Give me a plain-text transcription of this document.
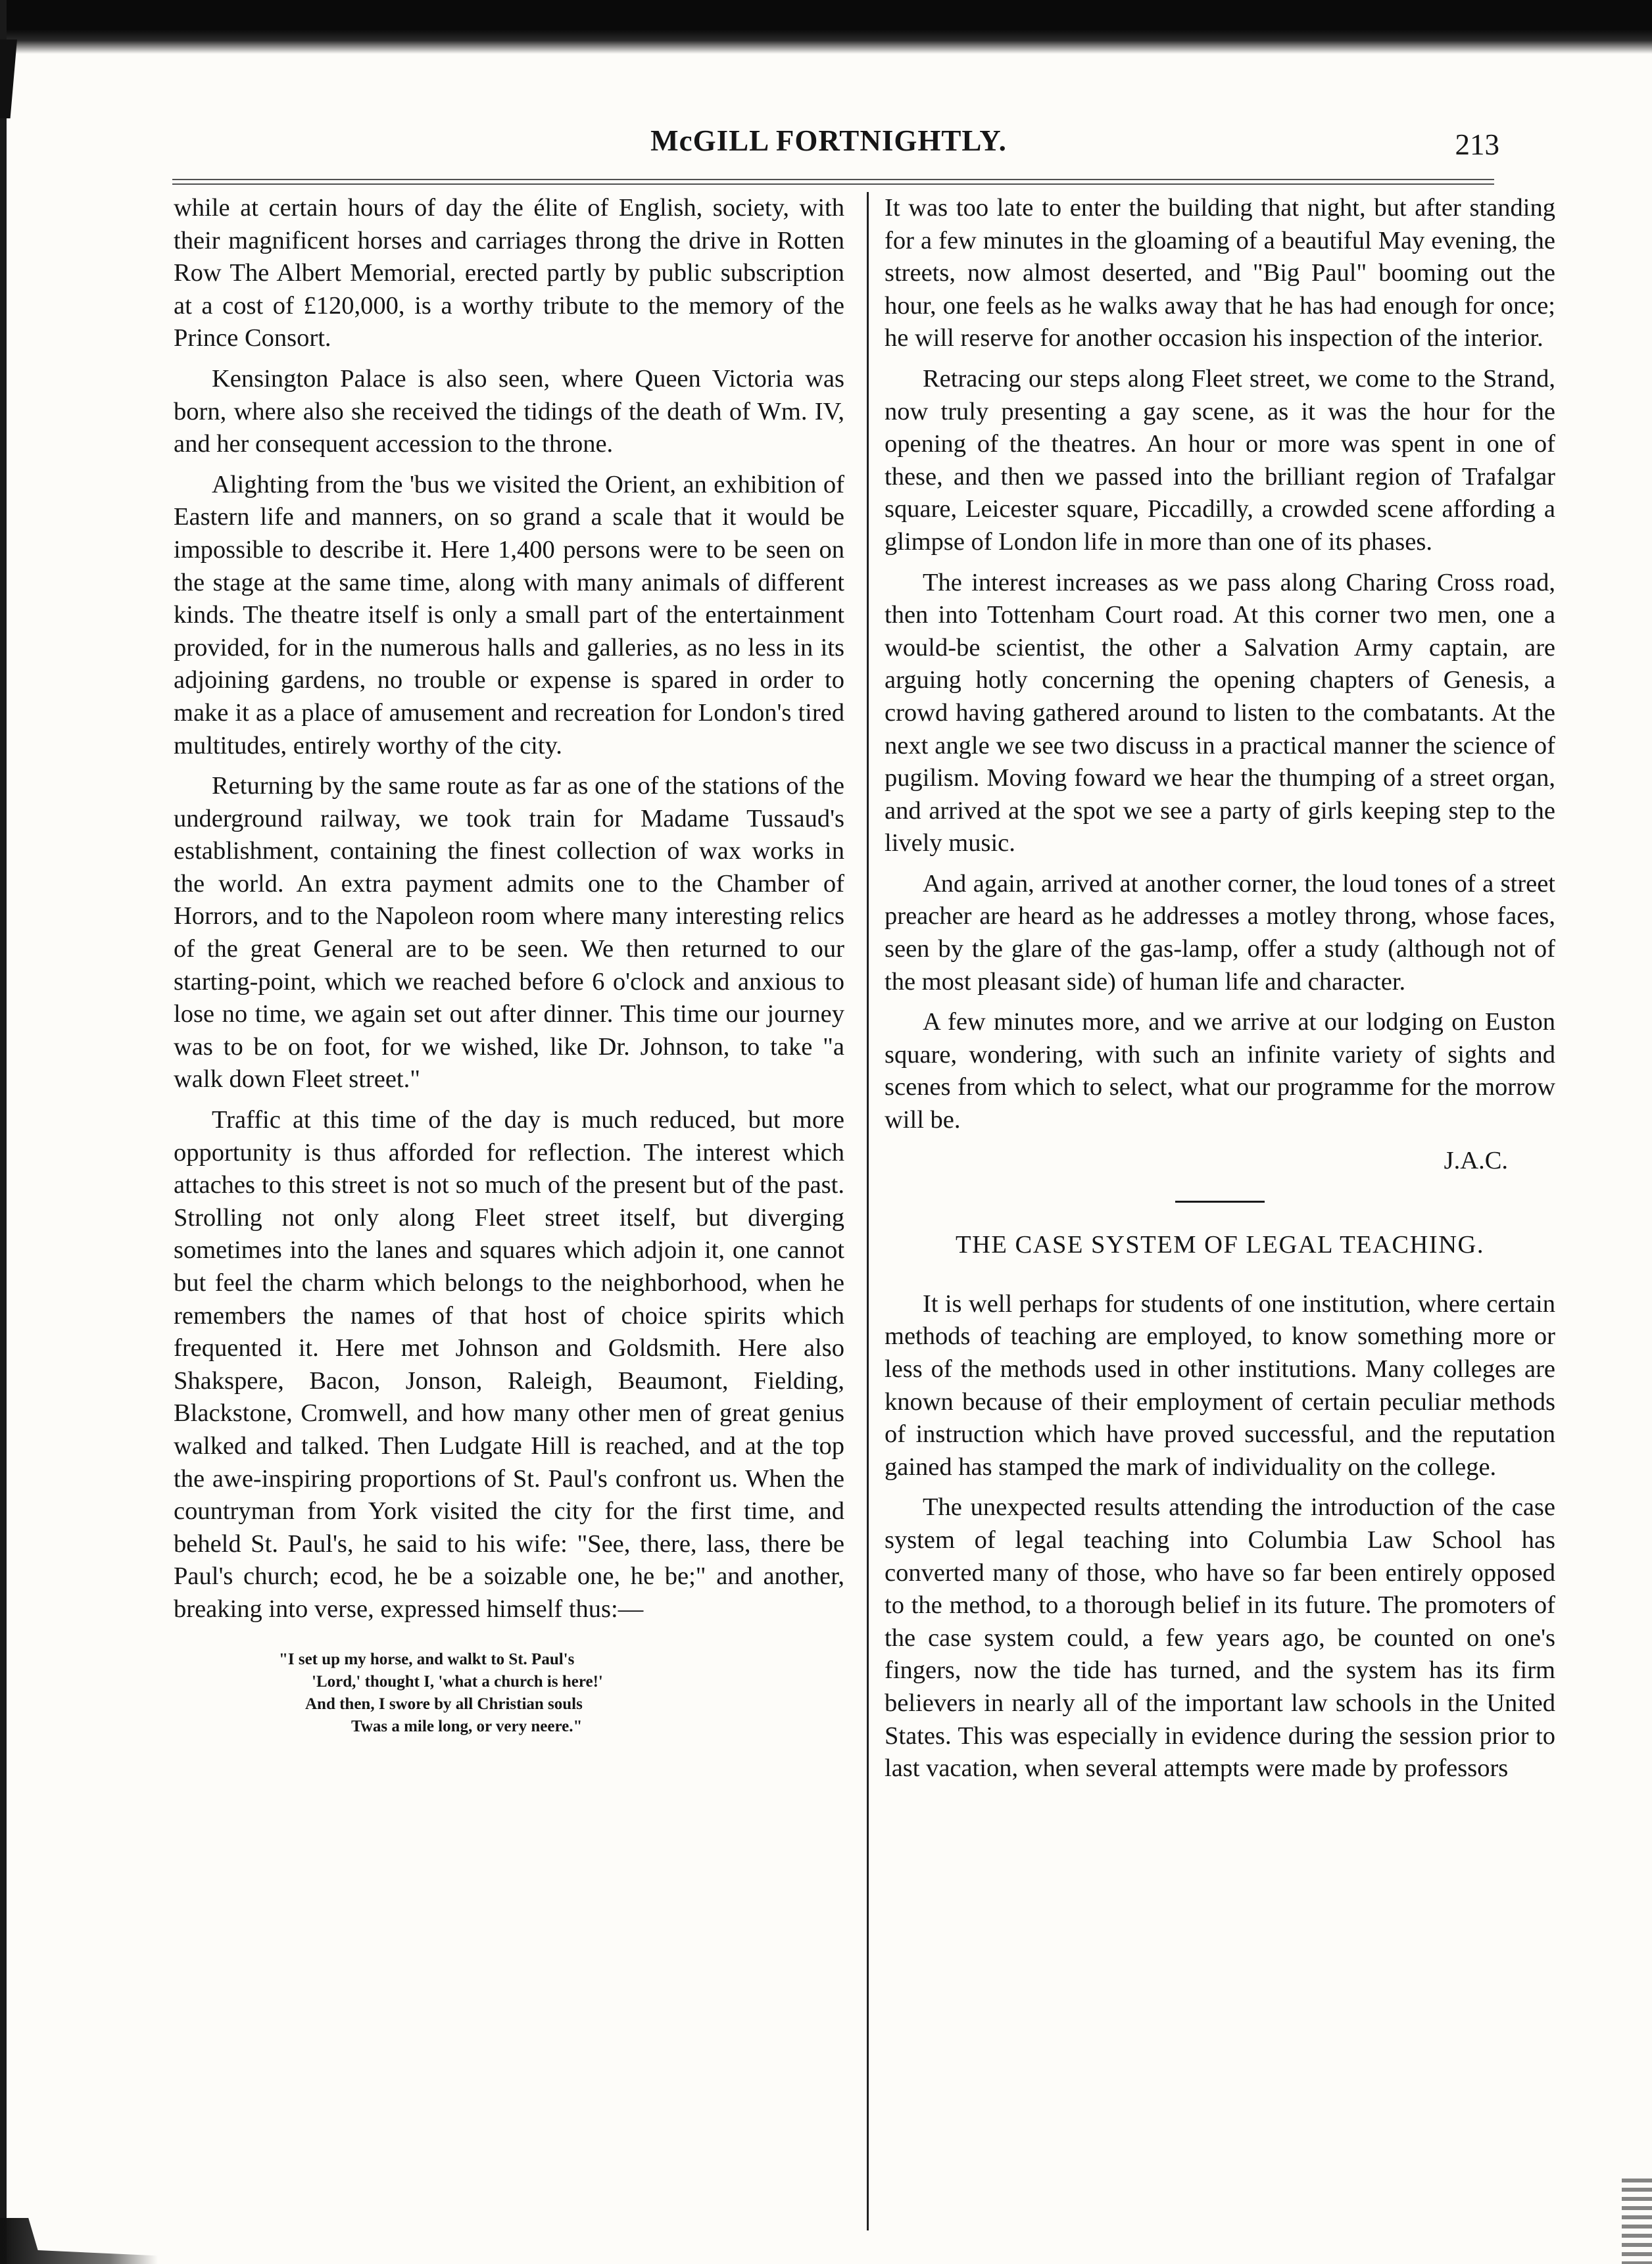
McGILL FORTNIGHTLY.	213

while at certain hours of day the élite of English, society, with their magnificent horses and carriages throng the drive in Rotten Row The Albert Memorial, erected partly by public subscription at a cost of £120,000, is a worthy tribute to the memory of the Prince Consort.

Kensington Palace is also seen, where Queen Victoria was born, where also she received the tidings of the death of Wm. IV, and her consequent accession to the throne.

Alighting from the 'bus we visited the Orient, an exhibition of Eastern life and manners, on so grand a scale that it would be impossible to describe it. Here 1,400 persons were to be seen on the stage at the same time, along with many animals of different kinds. The theatre itself is only a small part of the entertainment provided, for in the numerous halls and galleries, as no less in its adjoining gardens, no trouble or expense is spared in order to make it as a place of amusement and recreation for London's tired multitudes, entirely worthy of the city.

Returning by the same route as far as one of the stations of the underground railway, we took train for Madame Tussaud's establishment, containing the finest collection of wax works in the world. An extra payment admits one to the Chamber of Horrors, and to the Napoleon room where many interesting relics of the great General are to be seen. We then returned to our starting-point, which we reached before 6 o'clock and anxious to lose no time, we again set out after dinner. This time our journey was to be on foot, for we wished, like Dr. Johnson, to take "a walk down Fleet street."

Traffic at this time of the day is much reduced, but more opportunity is thus afforded for reflection. The interest which attaches to this street is not so much of the present but of the past. Strolling not only along Fleet street itself, but diverging sometimes into the lanes and squares which adjoin it, one cannot but feel the charm which belongs to the neighborhood, when he remembers the names of that host of choice spirits which frequented it. Here met Johnson and Goldsmith. Here also Shakspere, Bacon, Jonson, Raleigh, Beaumont, Fielding, Blackstone, Cromwell, and how many other men of great genius walked and talked. Then Ludgate Hill is reached, and at the top the awe-inspiring proportions of St. Paul's confront us. When the countryman from York visited the city for the first time, and beheld St. Paul's, he said to his wife: "See, there, lass, there be Paul's church; ecod, he be a soizable one, he be;" and another, breaking into verse, expressed himself thus:—

"I set up my horse, and walkt to St. Paul's
'Lord,' thought I, 'what a church is here!'
And then, I swore by all Christian souls
Twas a mile long, or very neere."

It was too late to enter the building that night, but after standing for a few minutes in the gloaming of a beautiful May evening, the streets, now almost deserted, and "Big Paul" booming out the hour, one feels as he walks away that he has had enough for once; he will reserve for another occasion his inspection of the interior.

Retracing our steps along Fleet street, we come to the Strand, now truly presenting a gay scene, as it was the hour for the opening of the theatres. An hour or more was spent in one of these, and then we passed into the brilliant region of Trafalgar square, Leicester square, Piccadilly, a crowded scene affording a glimpse of London life in more than one of its phases.

The interest increases as we pass along Charing Cross road, then into Tottenham Court road. At this corner two men, one a would-be scientist, the other a Salvation Army captain, are arguing hotly concerning the opening chapters of Genesis, a crowd having gathered around to listen to the combatants. At the next angle we see two discuss in a practical manner the science of pugilism. Moving foward we hear the thumping of a street organ, and arrived at the spot we see a party of girls keeping step to the lively music.

And again, arrived at another corner, the loud tones of a street preacher are heard as he addresses a motley throng, whose faces, seen by the glare of the gas-lamp, offer a study (although not of the most pleasant side) of human life and character.

A few minutes more, and we arrive at our lodging on Euston square, wondering, with such an infinite variety of sights and scenes from which to select, what our programme for the morrow will be.

J.A.C.

THE CASE SYSTEM OF LEGAL TEACHING.

It is well perhaps for students of one institution, where certain methods of teaching are employed, to know something more or less of the methods used in other institutions. Many colleges are known because of their employment of certain peculiar methods of instruction which have proved successful, and the reputation gained has stamped the mark of individuality on the college.

The unexpected results attending the introduction of the case system of legal teaching into Columbia Law School has converted many of those, who have so far been entirely opposed to the method, to a thorough belief in its future. The promoters of the case system could, a few years ago, be counted on one's fingers, now the tide has turned, and the system has its firm believers in nearly all of the important law schools in the United States. This was especially in evidence during the session prior to last vacation, when several attempts were made by professors
